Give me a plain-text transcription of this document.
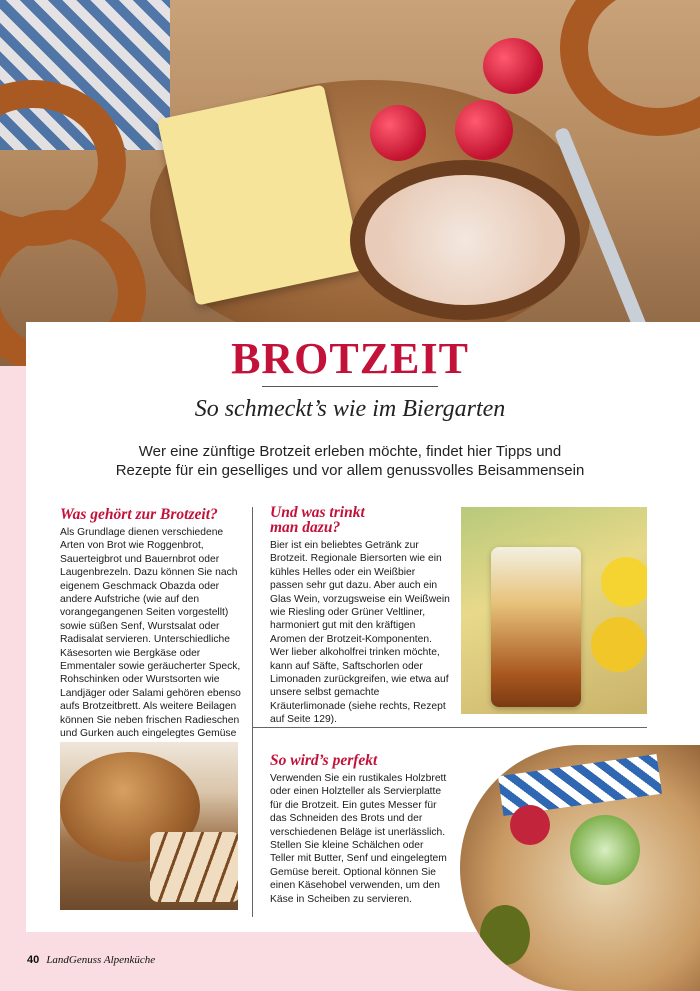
BROTZEIT
So schmeckt’s wie im Biergarten
Wer eine zünftige Brotzeit erleben möchte, findet hier Tipps und Rezepte für ein geselliges und vor allem genussvolles Beisammensein
Was gehört zur Brotzeit?
Als Grundlage dienen verschiedene Arten von Brot wie Roggenbrot, Sauerteigbrot und Bauernbrot oder Laugenbrezeln. Dazu können Sie nach eigenem Geschmack Obazda oder andere Aufstriche (wie auf den vorangegangenen Seiten vorgestellt) sowie süßen Senf, Wurstsalat oder Radisalat servieren. Unterschiedliche Käsesorten wie Bergkäse oder Emmentaler sowie geräucherter Speck, Rohschinken oder Wurstsorten wie Landjäger oder Salami gehören ebenso aufs Brotzeitbrett. Als weitere Beilagen können Sie neben frischen Radieschen und Gurken auch eingelegtes Gemüse
Und was trinkt
man dazu?
Bier ist ein beliebtes Getränk zur Brotzeit. Regionale Biersorten wie ein kühles Helles oder ein Weißbier passen sehr gut dazu. Aber auch ein Glas Wein, vorzugsweise ein Weißwein wie Riesling oder Grüner Veltliner, harmoniert gut mit den kräftigen Aromen der Brotzeit-Komponenten. Wer lieber alkoholfrei trinken möchte, kann auf Säfte, Saftschorlen oder Limonaden zurückgreifen, wie etwa auf unsere selbst gemachte Kräuterlimonade (siehe rechts, Rezept auf Seite 129).
So wird’s perfekt
Verwenden Sie ein rustikales Holzbrett oder einen Holzteller als Servierplatte für die Brotzeit. Ein gutes Messer für das Schneiden des Brots und der verschiedenen Beläge ist unerlässlich. Stellen Sie kleine Schälchen oder Teller mit Butter, Senf und eingelegtem Gemüse bereit. Optional können Sie einen Käsehobel verwenden, um den Käse in Scheiben zu servieren.
40 LandGenuss Alpenküche
